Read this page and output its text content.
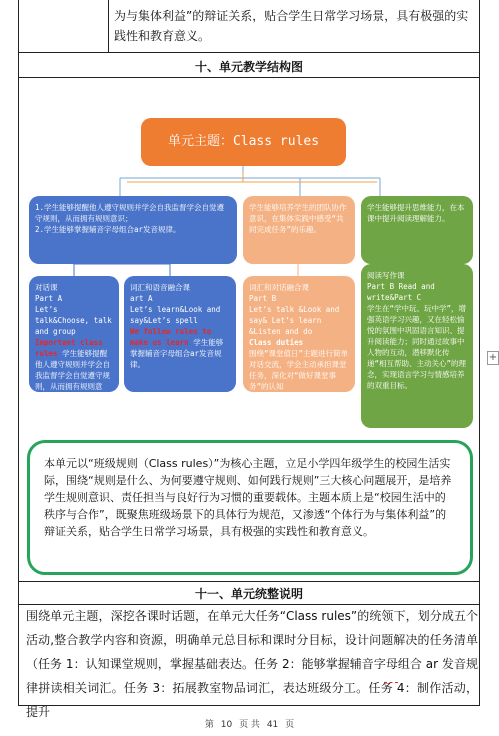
为与集体利益”的辩证关系，贴合学生日常学习场景，具有极强的实践性和教育意义。
十、单元教学结构图
单元主题：Class rules
1.学生能够提醒他人遵守规则并学会自我监督学会自觉遵守规则，从而拥有规则意识；
2.学生能够掌握辅音字母组合ar发音规律。
学生能够培养学生的团队协作意识，在集体实践中感受“共同完成任务”的乐趣。
学生能够提升思维能力，在本课中提升阅读理解能力。
对话课
Part A
Let’s talk&Choose, talk and group
Important class rules 学生能够提醒他人遵守规则并学会自我监督学会自觉遵守规则，从而拥有规则意识。
词汇和语音融合课
art A
Let’s learn&Look and say&Let’s spell
We follow rules to make us learn 学生能够掌握辅音字母组合ar发音规律。
词汇和对话融合课
Part B
Let’s talk &Look and say& Let’s learn &Listen and do
Class duties
围绕“课堂值日”主题进行简单对话交流，学会主动承担课堂任务，深化对“做好课堂事务”的认知
阅读写作课
Part B Read and write&Part C
学生在“学中玩、玩中学”，增强英语学习兴趣，又在轻松愉悦的氛围中巩固语言知识、提升阅读能力；同时通过故事中人物的互动，潜移默化传递“相互帮助、主动关心”的理念，实现语言学习与情感培养的双重目标。
本单元以“班级规则（Class rules）”为核心主题，立足小学四年级学生的校园生活实际，围绕“规则是什么、为何要遵守规则、如何践行规则”三大核心问题展开，是培养学生规则意识、责任担当与良好行为习惯的重要载体。主题本质上是“校园生活中的秩序与合作”，既聚焦班级场景下的具体行为规范，又渗透“个体行为与集体利益”的辩证关系，贴合学生日常学习场景，具有极强的实践性和教育意义。
十一、单元统整说明
围绕单元主题，深挖各课时话题，在单元大任务“Class rules”的统领下，划分成五个活动,整合教学内容和资源，明确单元总目标和课时分目标，设计问题解决的任务清单（任务 1：认知课堂规则，掌握基础表达。任务 2：能够掌握辅音字母组合 ar 发音规律拼读相关词汇。任务 3：拓展教室物品词汇，表达班级分工。任务 4：制作活动，提升
+
第 10 页 共 41 页
